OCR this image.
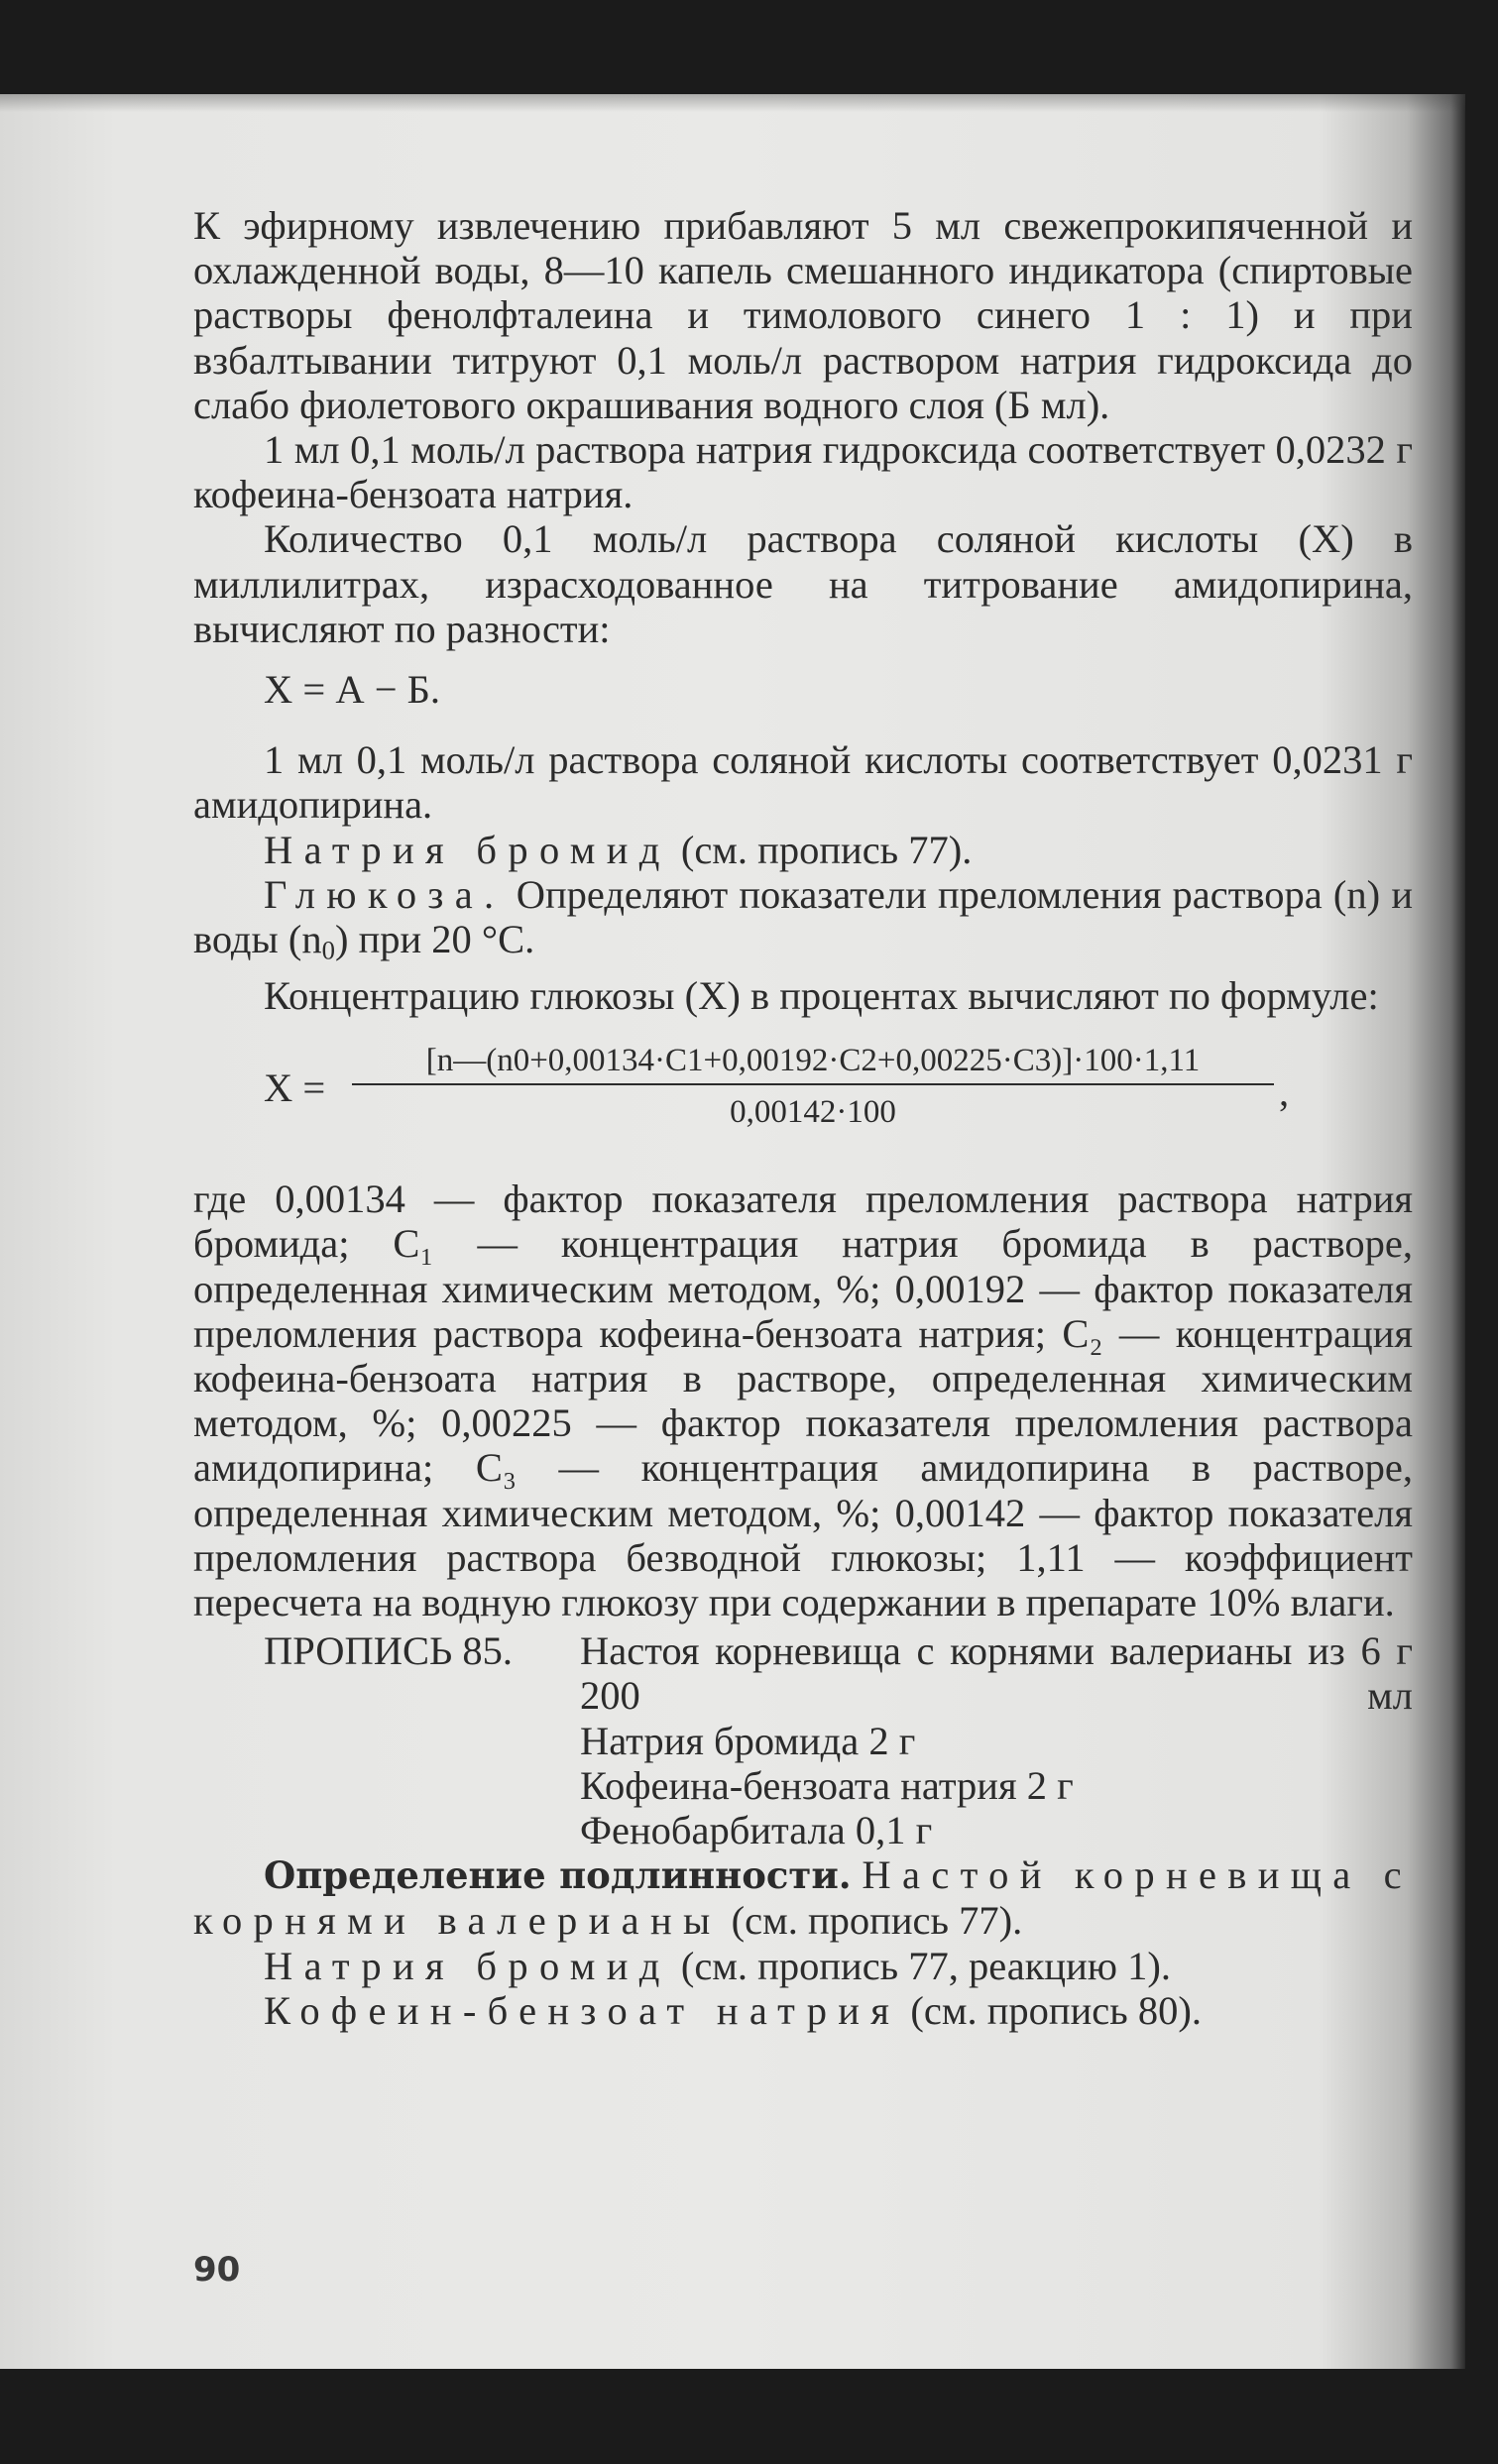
К эфирному извлечению прибавляют 5 мл свежепрокипяченной и охлажденной воды, 8—10 капель смешанного индикатора (спиртовые растворы фенолфталеина и тимолового синего 1 : 1) и при взбалтывании титруют 0,1 моль/л раствором натрия гидроксида до слабо фиолетового окрашивания водного слоя (Б мл).

1 мл 0,1 моль/л раствора натрия гидроксида соответствует 0,0232 г кофеина-бензоата натрия.

Количество 0,1 моль/л раствора соляной кислоты (X) в миллилитрах, израсходованное на титрование амидопирина, вычисляют по разности:

X = А − Б.

1 мл 0,1 моль/л раствора соляной кислоты соответствует 0,0231 г амидопирина.

Натрия бромид (см. пропись 77).

Глюкоза. Определяют показатели преломления раствора (n) и воды $(n_0)$ при 20 °С.

Концентрацию глюкозы (X) в процентах вычисляют по формуле:

X =
[n—(n0+0,00134·C1+0,00192·C2+0,00225·C3)]·100·1,11
0,00142·100	,

где 0,00134 — фактор показателя преломления раствора натрия бромида; C₁ — концентрация натрия бромида в растворе, определенная химическим методом, %; 0,00192 — фактор показателя преломления раствора кофеина-бензоата натрия; C₂ — концентрация кофеина-бензоата натрия в растворе, определенная химическим методом, %; 0,00225 — фактор показателя преломления раствора амидопирина; C₃ — концентрация амидопирина в растворе, определенная химическим методом, %; 0,00142 — фактор показателя преломления раствора безводной глюкозы; 1,11 — коэффициент пересчета на водную глюкозу при содержании в препарате 10% влаги.

ПРОПИСЬ 85.	Настоя корневища с корнями валерианы из 6 г 200 мл
Натрия бромида 2 г
Кофеина-бензоата натрия 2 г
Фенобарбитала 0,1 г

Определение подлинности. Настой корневища с корнями валерианы (см. пропись 77).

Натрия бромид (см. пропись 77, реакцию 1).

Кофеин-бензоат натрия (см. пропись 80).

90
